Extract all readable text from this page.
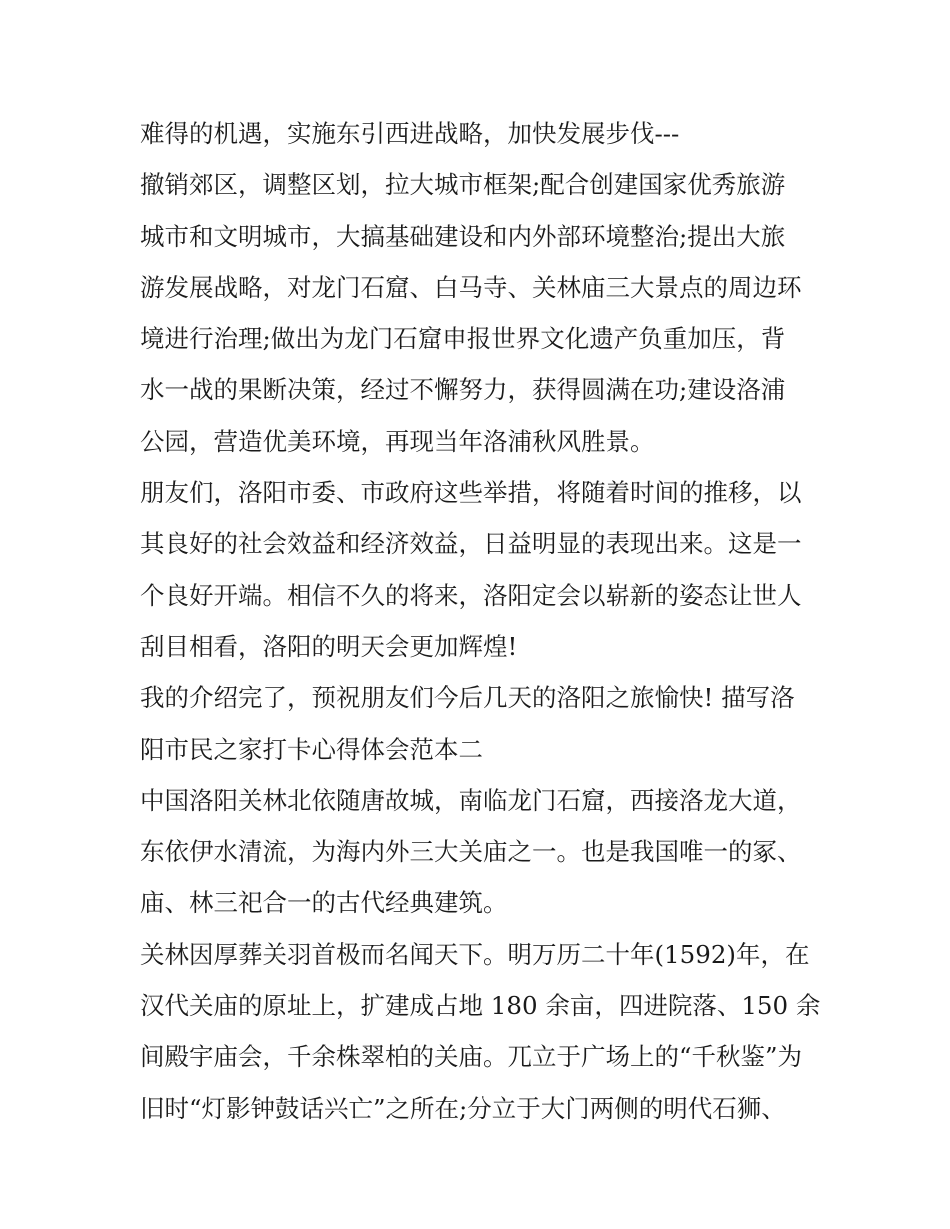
难得的机遇，实施东引西进战略，加快发展步伐---
撤销郊区，调整区划，拉大城市框架;配合创建国家优秀旅游
城市和文明城市，大搞基础建设和内外部环境整治;提出大旅
游发展战略，对龙门石窟、白马寺、关林庙三大景点的周边环
境进行治理;做出为龙门石窟申报世界文化遗产负重加压，背
水一战的果断决策，经过不懈努力，获得圆满在功;建设洛浦
公园，营造优美环境，再现当年洛浦秋风胜景。
朋友们，洛阳市委、市政府这些举措，将随着时间的推移，以
其良好的社会效益和经济效益，日益明显的表现出来。这是一
个良好开端。相信不久的将来，洛阳定会以崭新的姿态让世人
刮目相看，洛阳的明天会更加辉煌!
我的介绍完了，预祝朋友们今后几天的洛阳之旅愉快! 描写洛
阳市民之家打卡心得体会范本二
中国洛阳关林北依随唐故城，南临龙门石窟，西接洛龙大道，
东依伊水清流，为海内外三大关庙之一。也是我国唯一的冢、
庙、林三祀合一的古代经典建筑。
关林因厚葬关羽首极而名闻天下。明万历二十年(1592)年，在
汉代关庙的原址上，扩建成占地 180 余亩，四进院落、150 余
间殿宇庙会，千余株翠柏的关庙。兀立于广场上的“千秋鉴”为
旧时“灯影钟鼓话兴亡”之所在;分立于大门两侧的明代石狮、
